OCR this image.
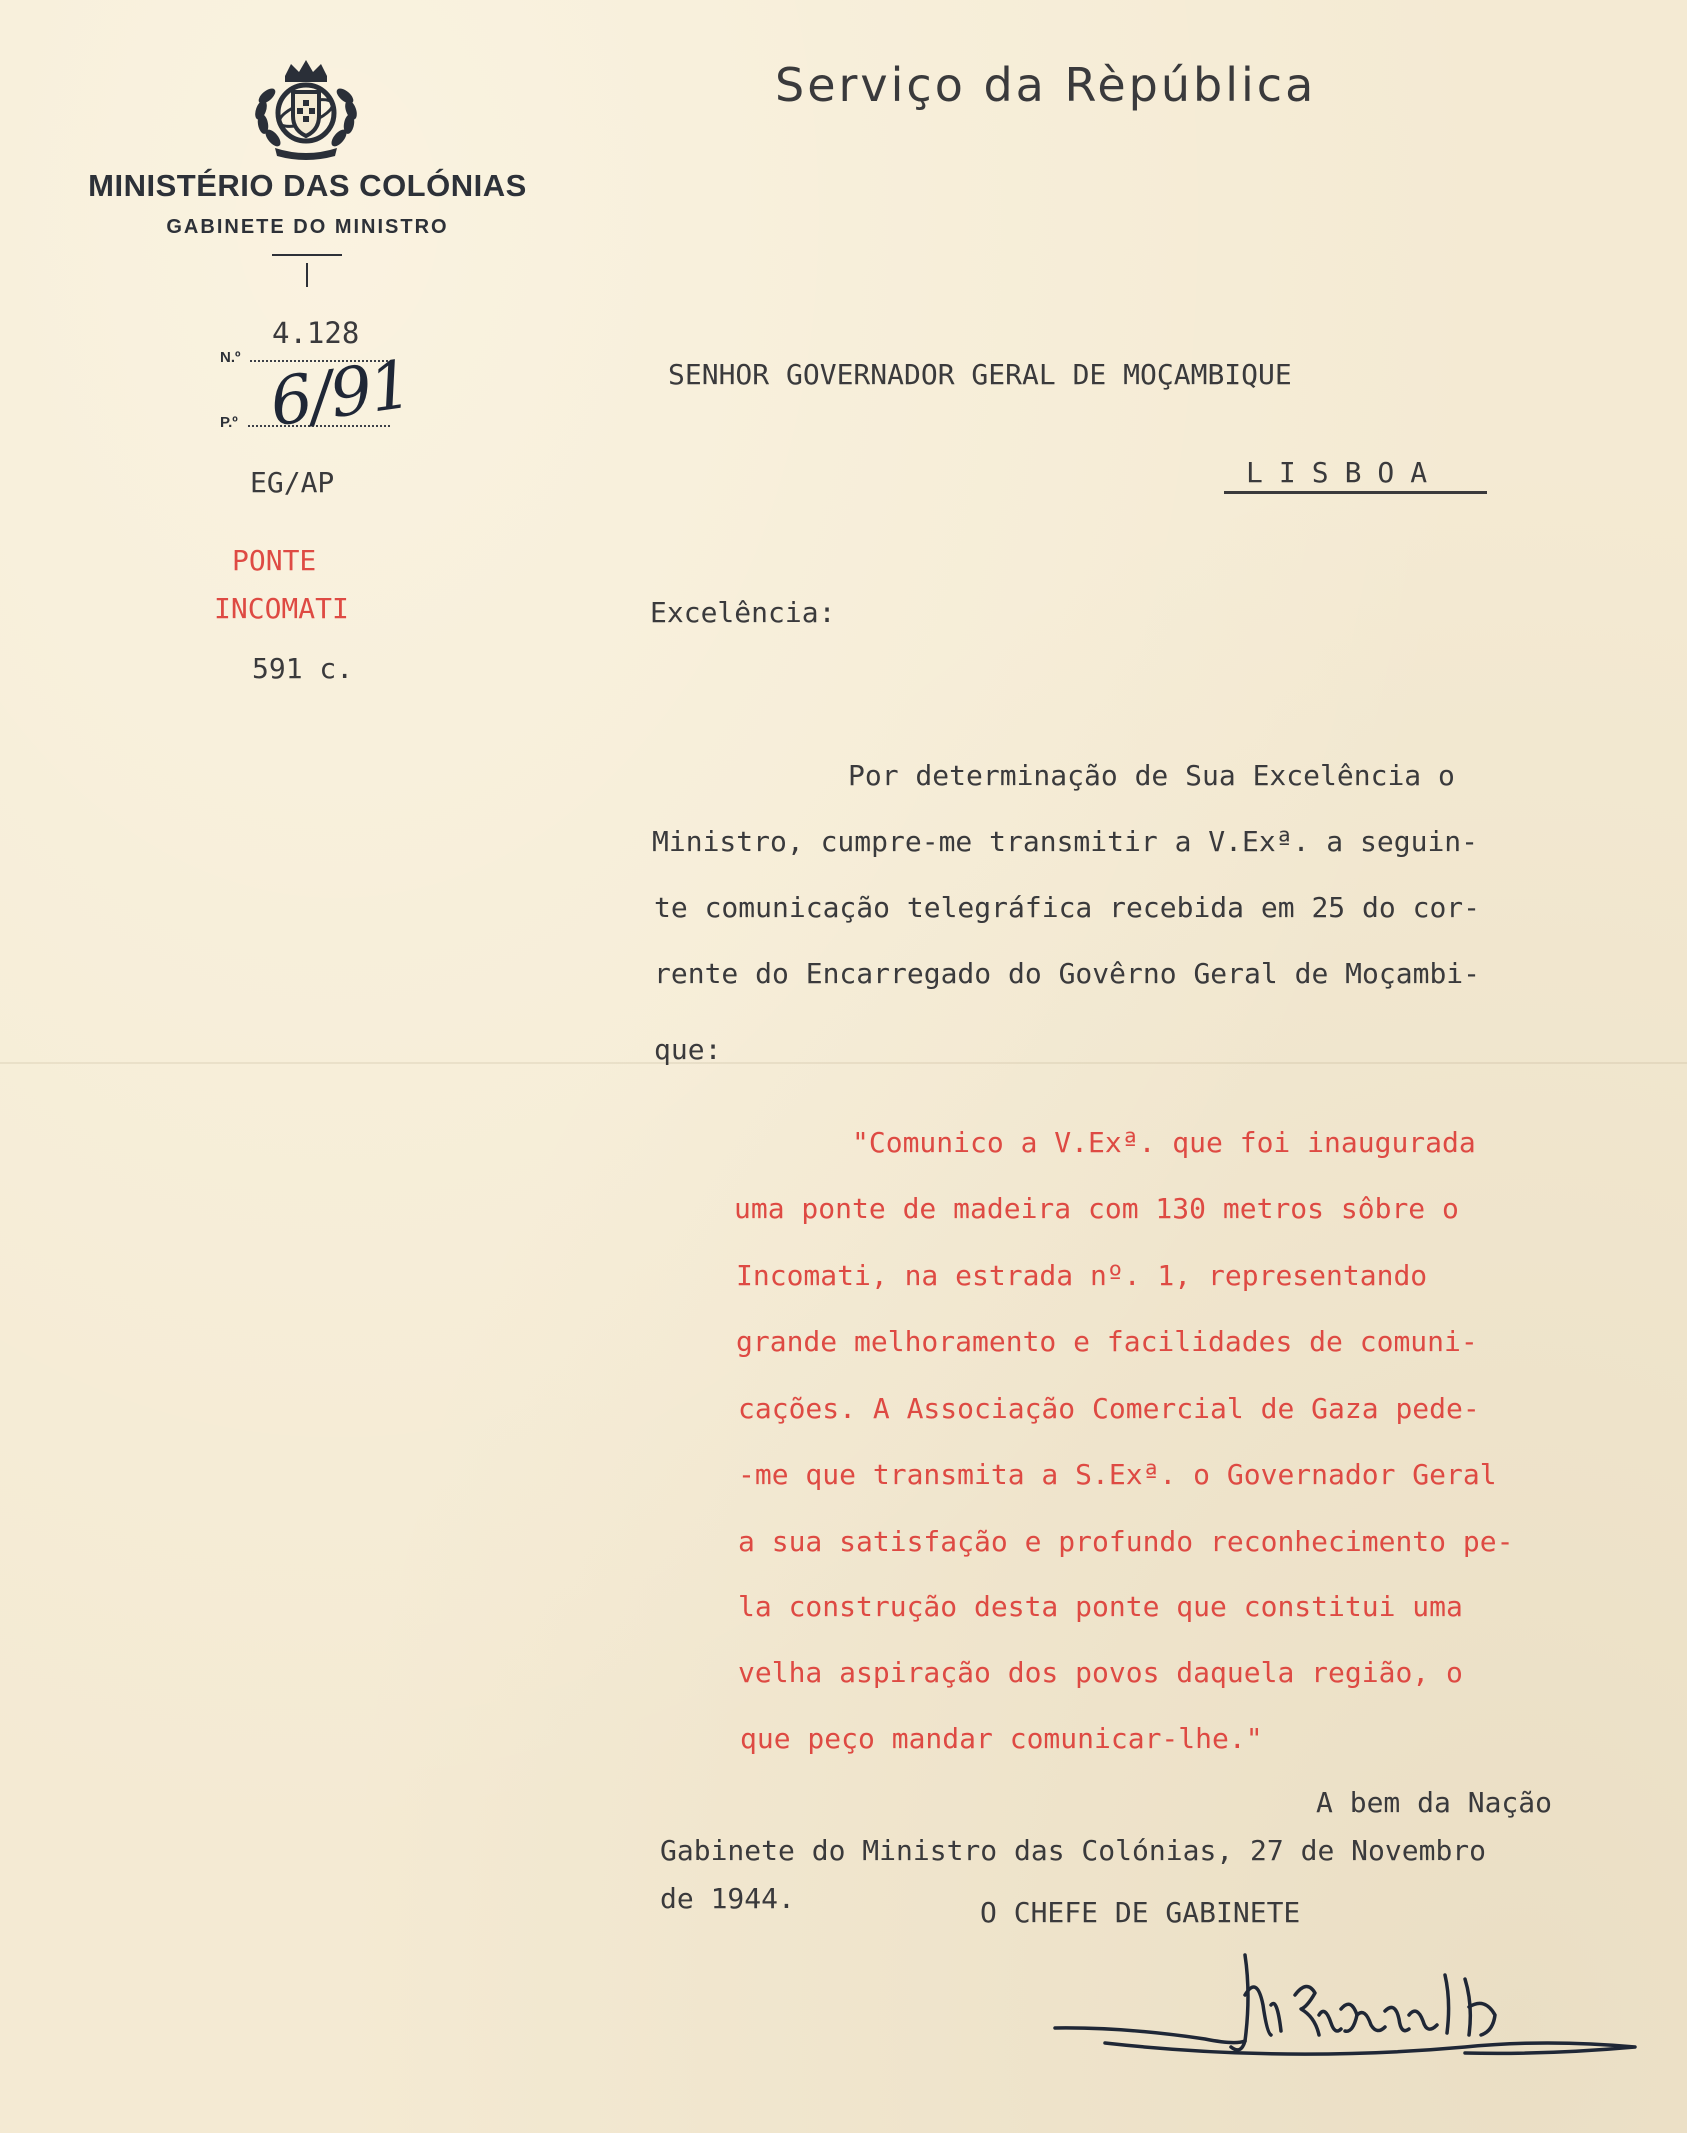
MINISTÉRIO DAS COLÓNIAS
GABINETE DO MINISTRO
N.º
4.128
P.º 6/91
EG/AP
PONTE
INCOMATI
591 c.
Serviço da Rèpública
SENHOR GOVERNADOR GERAL DE MOÇAMBIQUE
LISBOA
Excelência:
Por determinação de Sua Excelência o
Ministro, cumpre-me transmitir a V.Exª. a seguin-
te comunicação telegráfica recebida em 25 do cor-
rente do Encarregado do Govêrno Geral de Moçambi-
que:
"Comunico a V.Exª. que foi inaugurada
uma ponte de madeira com 130 metros sôbre o
Incomati, na estrada nº. 1, representando
grande melhoramento e facilidades de comuni-
cações. A Associação Comercial de Gaza pede-
-me que transmita a S.Exª. o Governador Geral
a sua satisfação e profundo reconhecimento pe-
la construção desta ponte que constitui uma
velha aspiração dos povos daquela região, o
que peço mandar comunicar-lhe."
A bem da Nação
Gabinete do Ministro das Colónias, 27 de Novembro
de 1944.	O CHEFE DE GABINETE
